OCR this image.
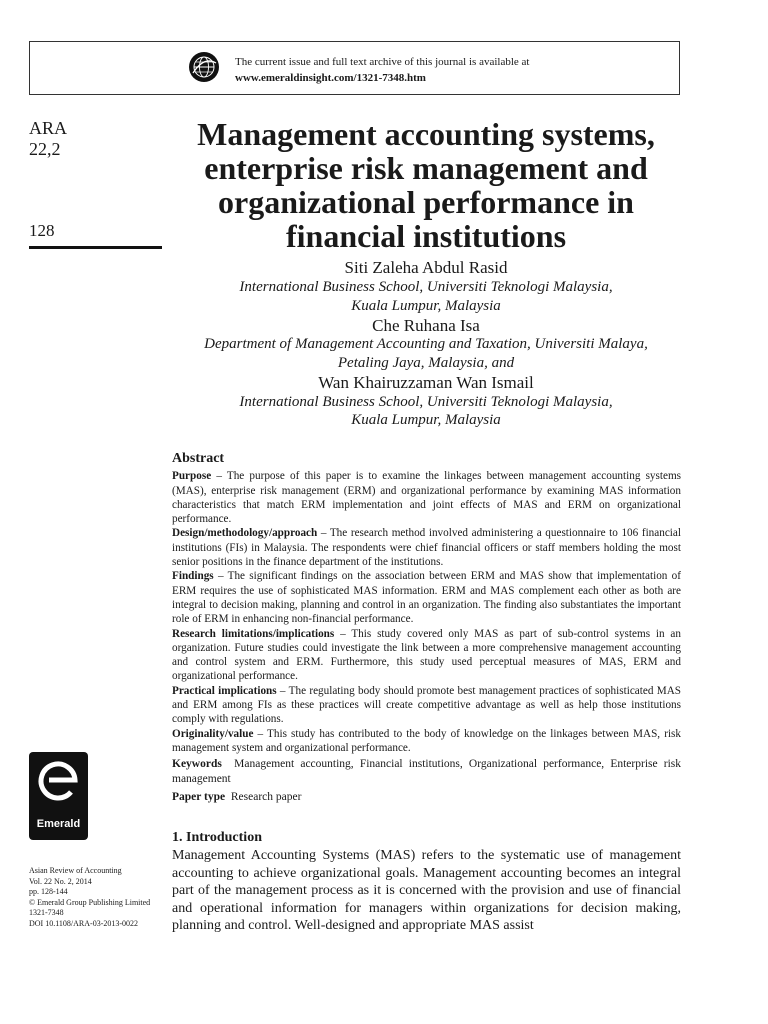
The current issue and full text archive of this journal is available at
www.emeraldinsight.com/1321-7348.htm
ARA
22,2
128
Management accounting systems, enterprise risk management and organizational performance in financial institutions
Siti Zaleha Abdul Rasid
International Business School, Universiti Teknologi Malaysia,
Kuala Lumpur, Malaysia
Che Ruhana Isa
Department of Management Accounting and Taxation, Universiti Malaya,
Petaling Jaya, Malaysia, and
Wan Khairuzzaman Wan Ismail
International Business School, Universiti Teknologi Malaysia,
Kuala Lumpur, Malaysia
Abstract

Purpose – The purpose of this paper is to examine the linkages between management accounting systems (MAS), enterprise risk management (ERM) and organizational performance by examining MAS information characteristics that match ERM implementation and joint effects of MAS and ERM on organizational performance.

Design/methodology/approach – The research method involved administering a questionnaire to 106 financial institutions (FIs) in Malaysia. The respondents were chief financial officers or staff members holding the most senior positions in the finance department of the institutions.

Findings – The significant findings on the association between ERM and MAS show that implementation of ERM requires the use of sophisticated MAS information. ERM and MAS complement each other as both are integral to decision making, planning and control in an organization. The finding also substantiates the important role of ERM in enhancing non-financial performance.

Research limitations/implications – This study covered only MAS as part of sub-control systems in an organization. Future studies could investigate the link between a more comprehensive management accounting and control system and ERM. Furthermore, this study used perceptual measures of MAS, ERM and organizational performance.

Practical implications – The regulating body should promote best management practices of sophisticated MAS and ERM among FIs as these practices will create competitive advantage as well as help those institutions comply with regulations.

Originality/value – This study has contributed to the body of knowledge on the linkages between MAS, risk management system and organizational performance.

Keywords Management accounting, Financial institutions, Organizational performance, Enterprise risk management
Paper type Research paper
Emerald
Asian Review of Accounting
Vol. 22 No. 2, 2014
pp. 128-144
© Emerald Group Publishing Limited
1321-7348
DOI 10.1108/ARA-03-2013-0022
1. Introduction

Management Accounting Systems (MAS) refers to the systematic use of management accounting to achieve organizational goals. Management accounting becomes an integral part of the management process as it is concerned with the provision and use of financial and operational information for managers within organizations for decision making, planning and control. Well-designed and appropriate MAS assist
